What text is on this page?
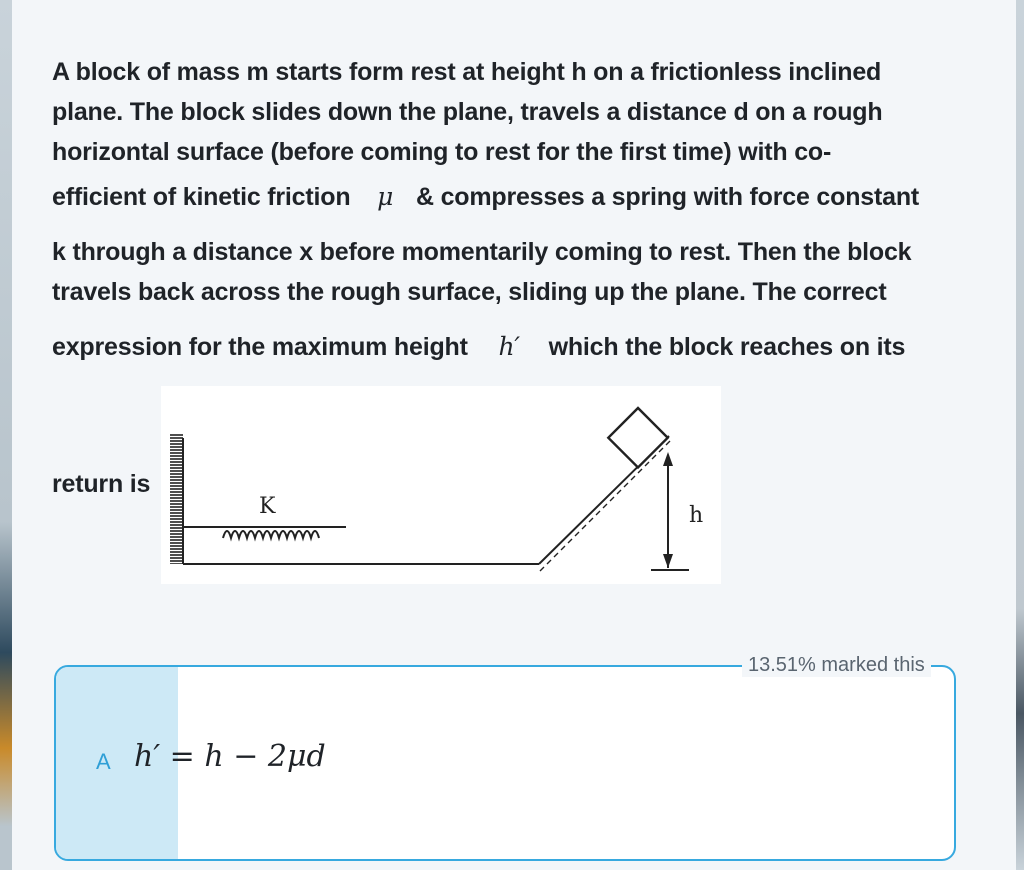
A block of mass m starts form rest at height h on a frictionless inclined
plane. The block slides down the plane, travels a distance d on a rough
horizontal surface (before coming to rest for the first time) with co-
efficient of kinetic friction μ & compresses a spring with force constant
k through a distance x before momentarily coming to rest. Then the block
travels back across the rough surface, sliding up the plane. The correct
expression for the maximum height h′ which the block reaches on its
return is
K	h
A h′ = h − 2μd
13.51% marked this
